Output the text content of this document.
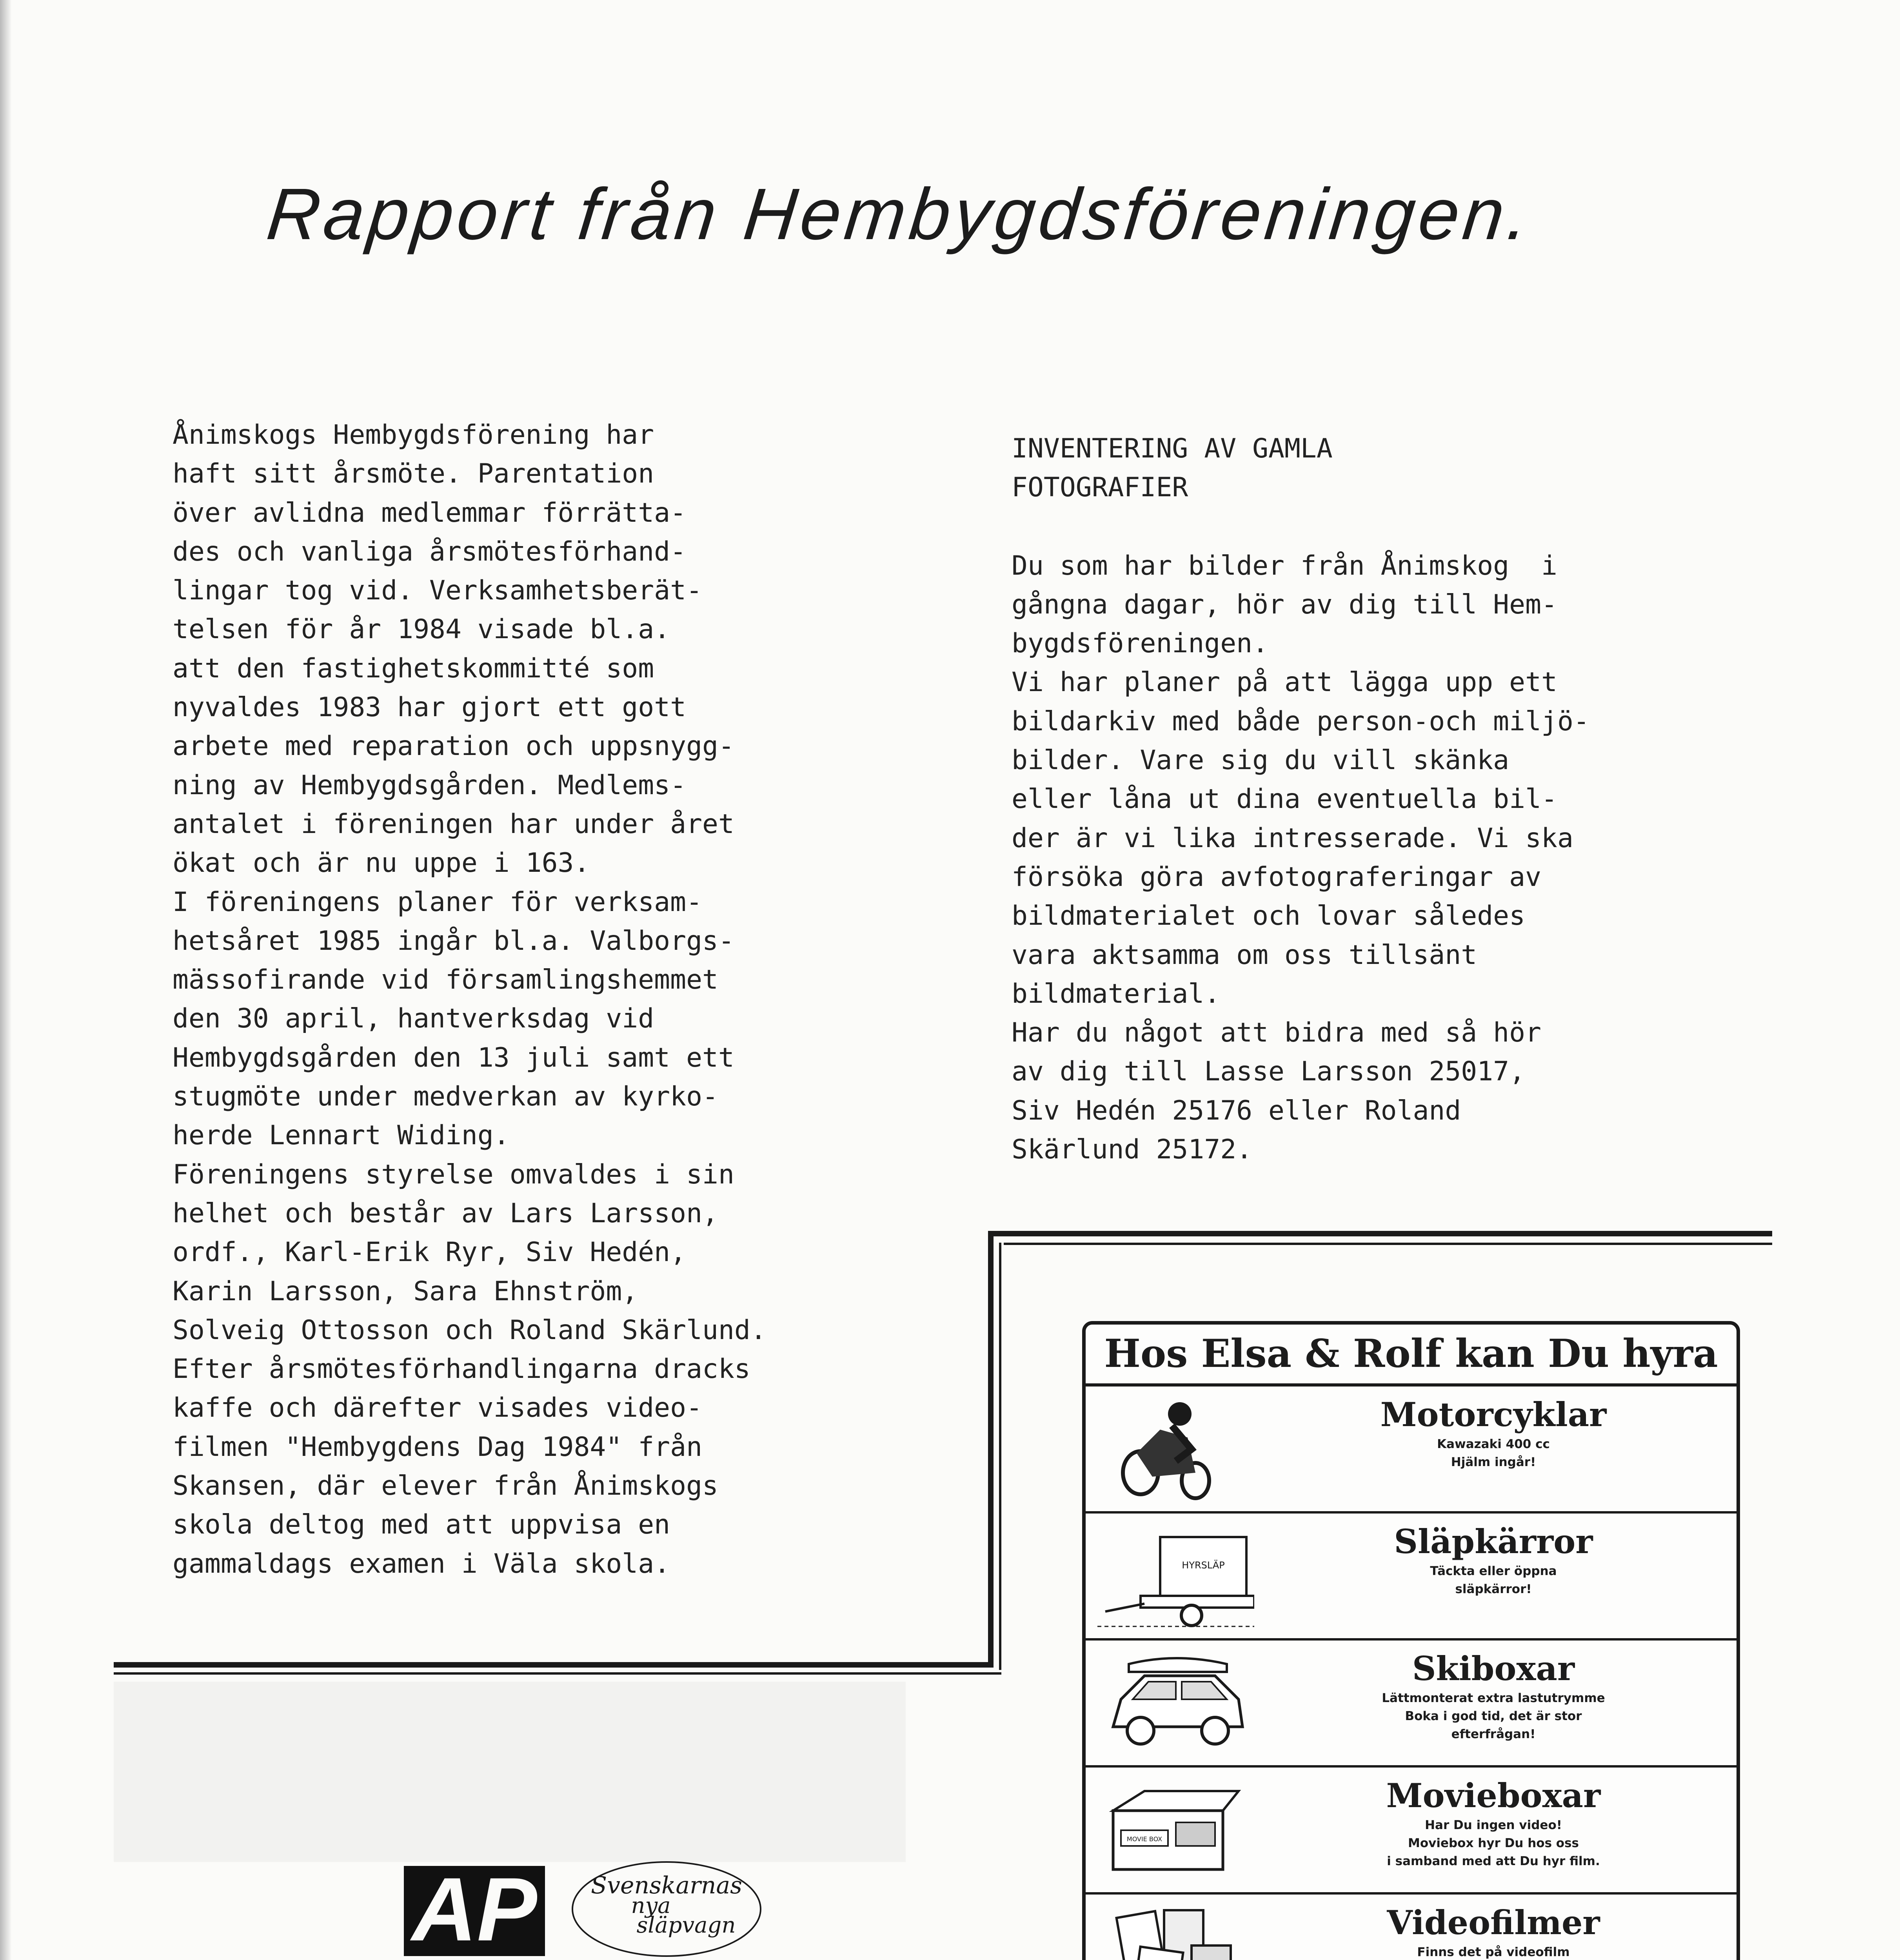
Rapport från Hembygdsföreningen.
Ånimskogs Hembygdsförening har
haft sitt årsmöte. Parentation
över avlidna medlemmar förrätta-
des och vanliga årsmötesförhand-
lingar tog vid. Verksamhetsberät-
telsen för år 1984 visade bl.a.
att den fastighetskommitté som
nyvaldes 1983 har gjort ett gott
arbete med reparation och uppsnygg-
ning av Hembygdsgården. Medlems-
antalet i föreningen har under året
ökat och är nu uppe i 163.
I föreningens planer för verksam-
hetsåret 1985 ingår bl.a. Valborgs-
mässofirande vid församlingshemmet
den 30 april, hantverksdag vid
Hembygdsgården den 13 juli samt ett
stugmöte under medverkan av kyrko-
herde Lennart Widing.
Föreningens styrelse omvaldes i sin
helhet och består av Lars Larsson,
ordf., Karl-Erik Ryr, Siv Hedén,
Karin Larsson, Sara Ehnström,
Solveig Ottosson och Roland Skärlund.
Efter årsmötesförhandlingarna dracks
kaffe och därefter visades video-
filmen "Hembygdens Dag 1984" från
Skansen, där elever från Ånimskogs
skola deltog med att uppvisa en
gammaldags examen i Väla skola.
INVENTERING AV GAMLA
FOTOGRAFIER
Du som har bilder från Ånimskog  i
gångna dagar, hör av dig till Hem-
bygdsföreningen.
Vi har planer på att lägga upp ett
bildarkiv med både person-och miljö-
bilder. Vare sig du vill skänka
eller låna ut dina eventuella bil-
der är vi lika intresserade. Vi ska
försöka göra avfotograferingar av
bildmaterialet och lovar således
vara aktsamma om oss tillsänt
bildmaterial.
Har du något att bidra med så hör
av dig till Lasse Larsson 25017,
Siv Hedén 25176 eller Roland
Skärlund 25172.
Hos Elsa & Rolf kan Du hyra
Motorcyklar
Kawazaki 400 cc
Hjälm ingår!
HYRSLÄP
Släpkärror
Täckta eller öppna
släpkärror!
Skiboxar
Lättmonterat extra lastutrymme
Boka i god tid, det är stor
efterfrågan!
MOVIE BOX
Movieboxar
Har Du ingen video!
Moviebox hyr Du hos oss
i samband med att Du hyr film.
Videofilmer
Finns det på videofilm
AP Svenskarnas
nya
släpvagn
